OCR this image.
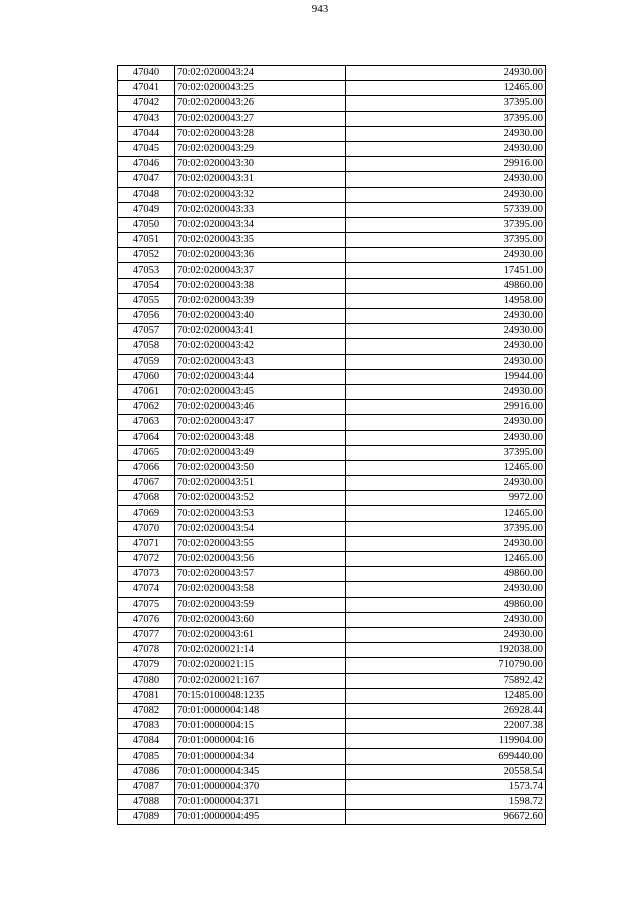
943
47040	70:02:0200043:24	24930.00
47041	70:02:0200043:25	12465.00
47042	70:02:0200043:26	37395.00
47043	70:02:0200043:27	37395.00
47044	70:02:0200043:28	24930.00
47045	70:02:0200043:29	24930.00
47046	70:02:0200043:30	29916.00
47047	70:02:0200043:31	24930.00
47048	70:02:0200043:32	24930.00
47049	70:02:0200043:33	57339.00
47050	70:02:0200043:34	37395.00
47051	70:02:0200043:35	37395.00
47052	70:02:0200043:36	24930.00
47053	70:02:0200043:37	17451.00
47054	70:02:0200043:38	49860.00
47055	70:02:0200043:39	14958.00
47056	70:02:0200043:40	24930.00
47057	70:02:0200043:41	24930.00
47058	70:02:0200043:42	24930.00
47059	70:02:0200043:43	24930.00
47060	70:02:0200043:44	19944.00
47061	70:02:0200043:45	24930.00
47062	70:02:0200043:46	29916.00
47063	70:02:0200043:47	24930.00
47064	70:02:0200043:48	24930.00
47065	70:02:0200043:49	37395.00
47066	70:02:0200043:50	12465.00
47067	70:02:0200043:51	24930.00
47068	70:02:0200043:52	9972.00
47069	70:02:0200043:53	12465.00
47070	70:02:0200043:54	37395.00
47071	70:02:0200043:55	24930.00
47072	70:02:0200043:56	12465.00
47073	70:02:0200043:57	49860.00
47074	70:02:0200043:58	24930.00
47075	70:02:0200043:59	49860.00
47076	70:02:0200043:60	24930.00
47077	70:02:0200043:61	24930.00
47078	70:02:0200021:14	192038.00
47079	70:02:0200021:15	710790.00
47080	70:02:0200021:167	75892.42
47081	70:15:0100048:1235	12485.00
47082	70:01:0000004:148	26928.44
47083	70:01:0000004:15	22007.38
47084	70:01:0000004:16	119904.00
47085	70:01:0000004:34	699440.00
47086	70:01:0000004:345	20558.54
47087	70:01:0000004:370	1573.74
47088	70:01:0000004:371	1598.72
47089	70:01:0000004:495	96672.60
